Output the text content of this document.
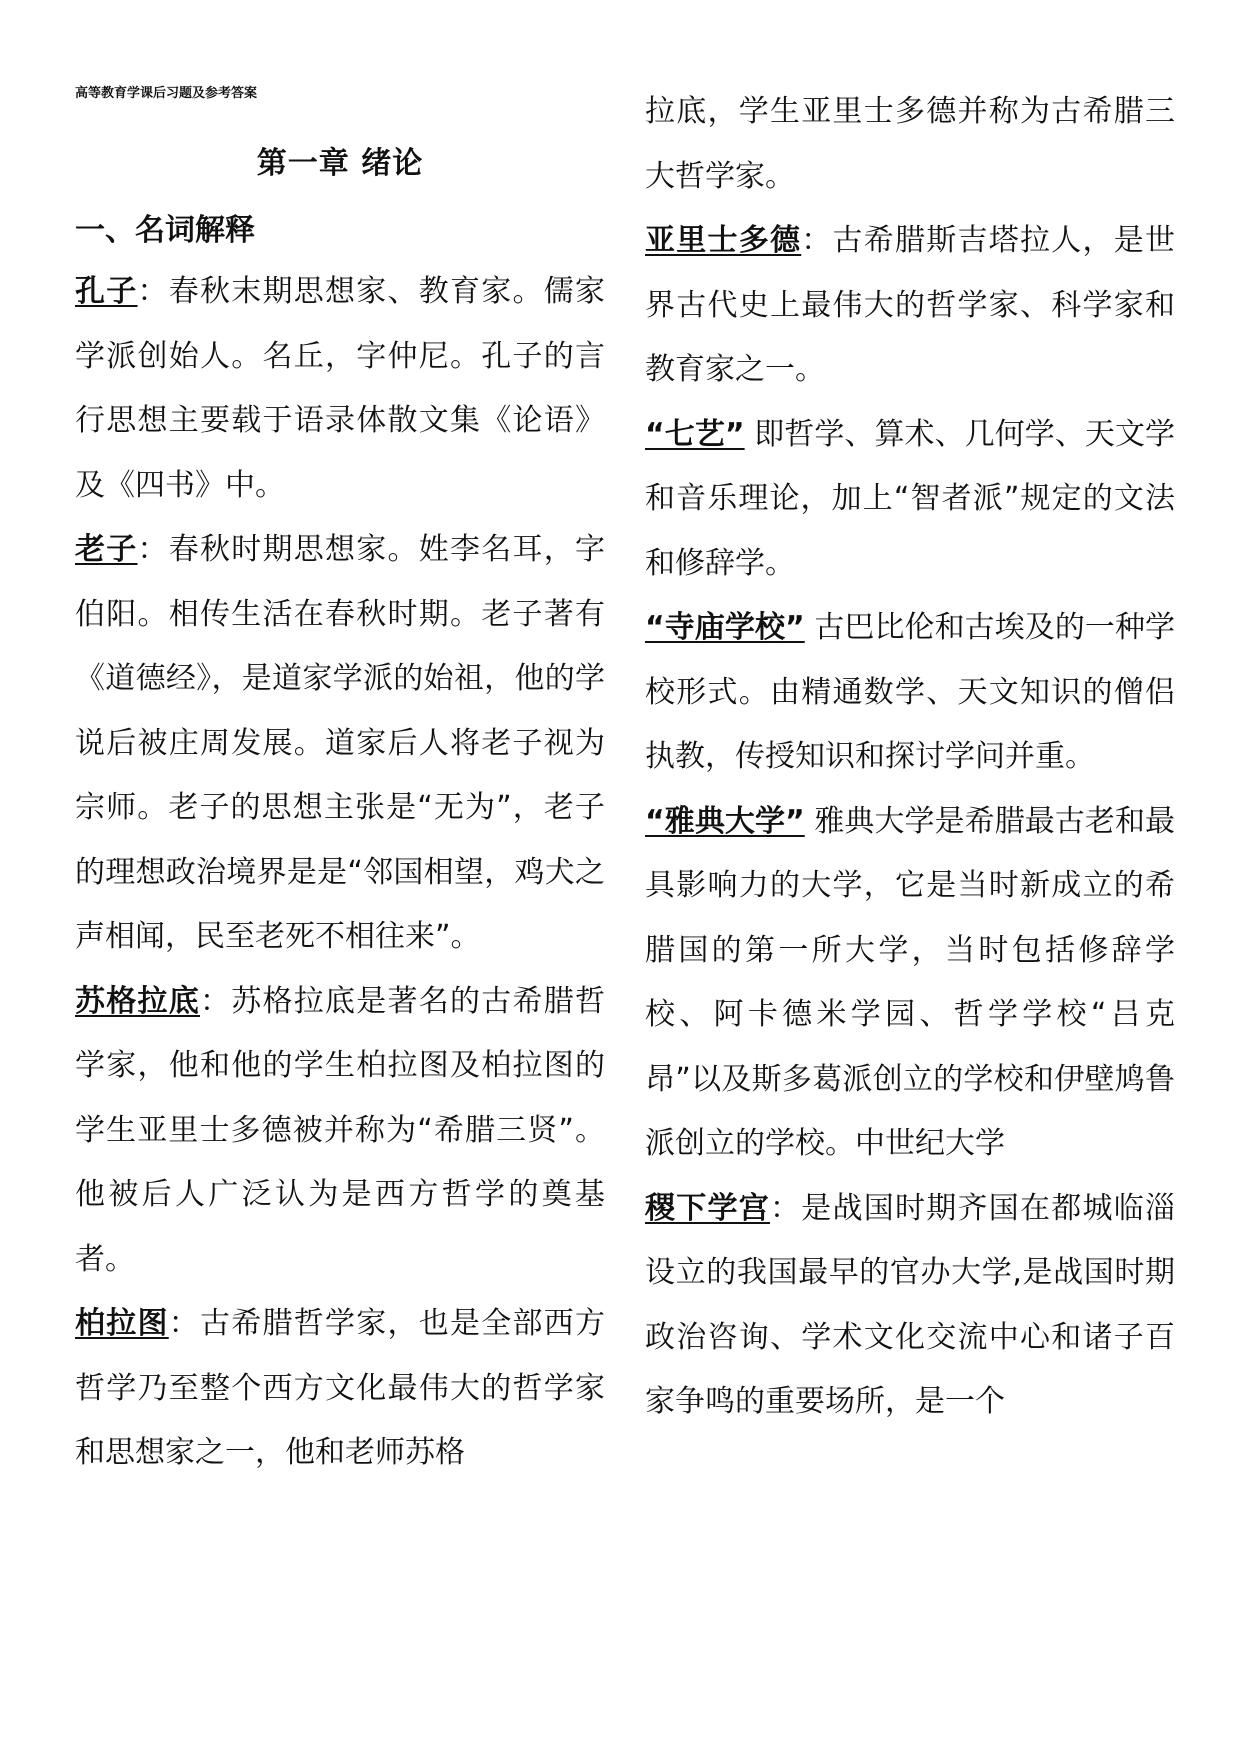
高等教育学课后习题及参考答案
第一章 绪论
一、名词解释

孔子：春秋末期思想家、教育家。儒家学派创始人。名丘，字仲尼。孔子的言行思想主要载于语录体散文集《论语》及《四书》中。

老子：春秋时期思想家。姓李名耳，字伯阳。相传生活在春秋时期。老子著有《道德经》，是道家学派的始祖，他的学说后被庄周发展。道家后人将老子视为宗师。老子的思想主张是“无为”，老子的理想政治境界是是“邻国相望，鸡犬之声相闻，民至老死不相往来”。

苏格拉底：苏格拉底是著名的古希腊哲学家，他和他的学生柏拉图及柏拉图的学生亚里士多德被并称为“希腊三贤”。他被后人广泛认为是西方哲学的奠基者。

柏拉图：古希腊哲学家，也是全部西方哲学乃至整个西方文化最伟大的哲学家和思想家之一，他和老师苏格

拉底，学生亚里士多德并称为古希腊三大哲学家。

亚里士多德：古希腊斯吉塔拉人，是世界古代史上最伟大的哲学家、科学家和教育家之一。

“七艺” 即哲学、算术、几何学、天文学和音乐理论，加上“智者派”规定的文法和修辞学。

“寺庙学校” 古巴比伦和古埃及的一种学校形式。由精通数学、天文知识的僧侣执教，传授知识和探讨学问并重。

“雅典大学” 雅典大学是希腊最古老和最具影响力的大学，它是当时新成立的希腊国的第一所大学，当时包括修辞学校、阿卡德米学园、哲学学校“吕克昂”以及斯多葛派创立的学校和伊壁鸠鲁派创立的学校。中世纪大学

稷下学宫：是战国时期齐国在都城临淄设立的我国最早的官办大学,是战国时期政治咨询、学术文化交流中心和诸子百家争鸣的重要场所，是一个
